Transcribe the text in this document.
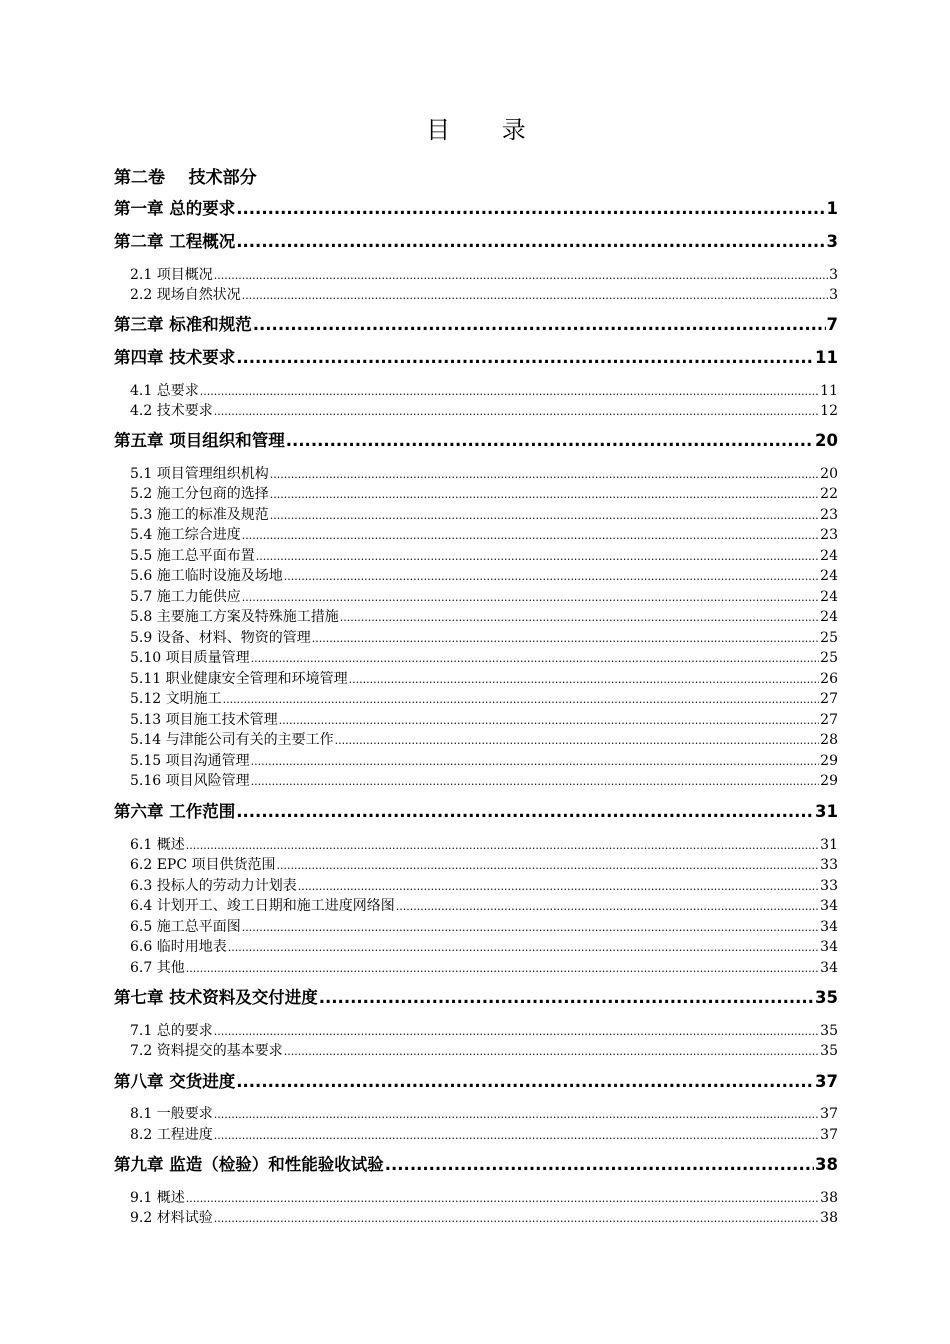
目 录
第二卷    技术部分
第一章 总的要求 .....	1
第二章 工程概况 .....	3
2.1 项目概况 .....	3
2.2 现场自然状况 .....	3
第三章 标准和规范 .....	7
第四章 技术要求 .....	11
4.1 总要求 .....	11
4.2 技术要求 .....	12
第五章 项目组织和管理 .....	20
5.1 项目管理组织机构 .....	20
5.2 施工分包商的选择 .....	22
5.3 施工的标准及规范 .....	23
5.4 施工综合进度 .....	23
5.5 施工总平面布置 .....	24
5.6 施工临时设施及场地 .....	24
5.7 施工力能供应 .....	24
5.8 主要施工方案及特殊施工措施 .....	24
5.9 设备、材料、物资的管理 .....	25
5.10 项目质量管理 .....	25
5.11 职业健康安全管理和环境管理 .....	26
5.12 文明施工 .....	27
5.13 项目施工技术管理 .....	27
5.14 与津能公司有关的主要工作 .....	28
5.15 项目沟通管理 .....	29
5.16 项目风险管理 .....	29
第六章 工作范围 .....	31
6.1 概述 .....	31
6.2 EPC 项目供货范围 .....	33
6.3 投标人的劳动力计划表 .....	33
6.4 计划开工、竣工日期和施工进度网络图 .....	34
6.5 施工总平面图 .....	34
6.6 临时用地表 .....	34
6.7 其他 .....	34
第七章 技术资料及交付进度 .....	35
7.1 总的要求 .....	35
7.2 资料提交的基本要求 .....	35
第八章 交货进度 .....	37
8.1 一般要求 .....	37
8.2 工程进度 .....	37
第九章 监造（检验）和性能验收试验 .....	38
9.1 概述 .....	38
9.2 材料试验 .....	38
